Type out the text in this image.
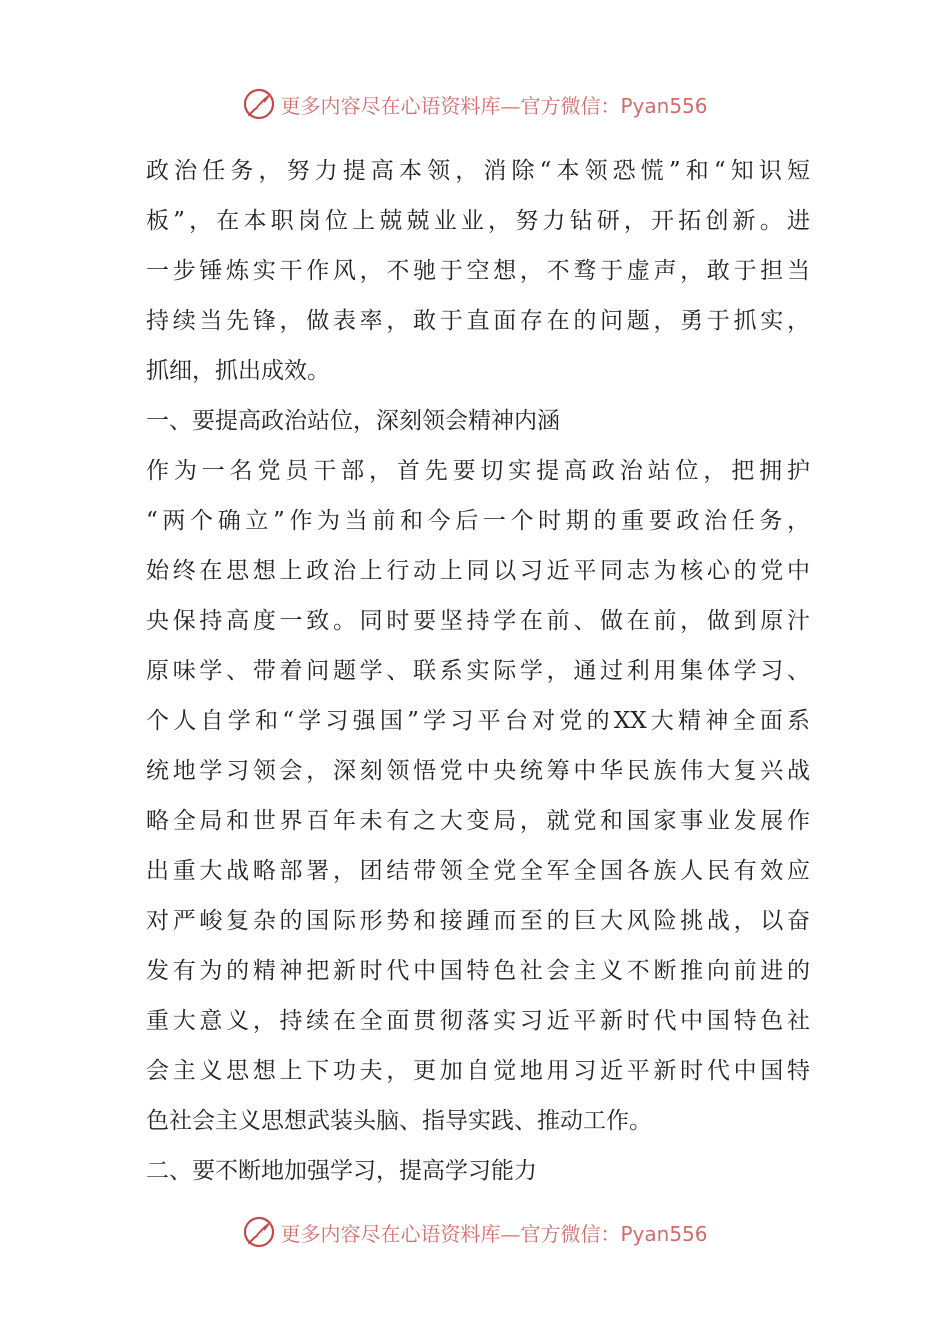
更多内容尽在心语资料库—官方微信：Pyan556
政治任务，努力提高本领，消除“本领恐慌”和“知识短
板”，在本职岗位上兢兢业业，努力钻研，开拓创新。进
一步锤炼实干作风，不驰于空想，不骛于虚声，敢于担当
持续当先锋，做表率，敢于直面存在的问题，勇于抓实，
抓细，抓出成效。
一、要提高政治站位，深刻领会精神内涵
作为一名党员干部，首先要切实提高政治站位，把拥护
“两个确立”作为当前和今后一个时期的重要政治任务，
始终在思想上政治上行动上同以习近平同志为核心的党中
央保持高度一致。同时要坚持学在前、做在前，做到原汁
原味学、带着问题学、联系实际学，通过利用集体学习、
个人自学和“学习强国”学习平台对党的XX大精神全面系
统地学习领会，深刻领悟党中央统筹中华民族伟大复兴战
略全局和世界百年未有之大变局，就党和国家事业发展作
出重大战略部署，团结带领全党全军全国各族人民有效应
对严峻复杂的国际形势和接踵而至的巨大风险挑战，以奋
发有为的精神把新时代中国特色社会主义不断推向前进的
重大意义，持续在全面贯彻落实习近平新时代中国特色社
会主义思想上下功夫，更加自觉地用习近平新时代中国特
色社会主义思想武装头脑、指导实践、推动工作。
二、要不断地加强学习，提高学习能力
更多内容尽在心语资料库—官方微信：Pyan556
